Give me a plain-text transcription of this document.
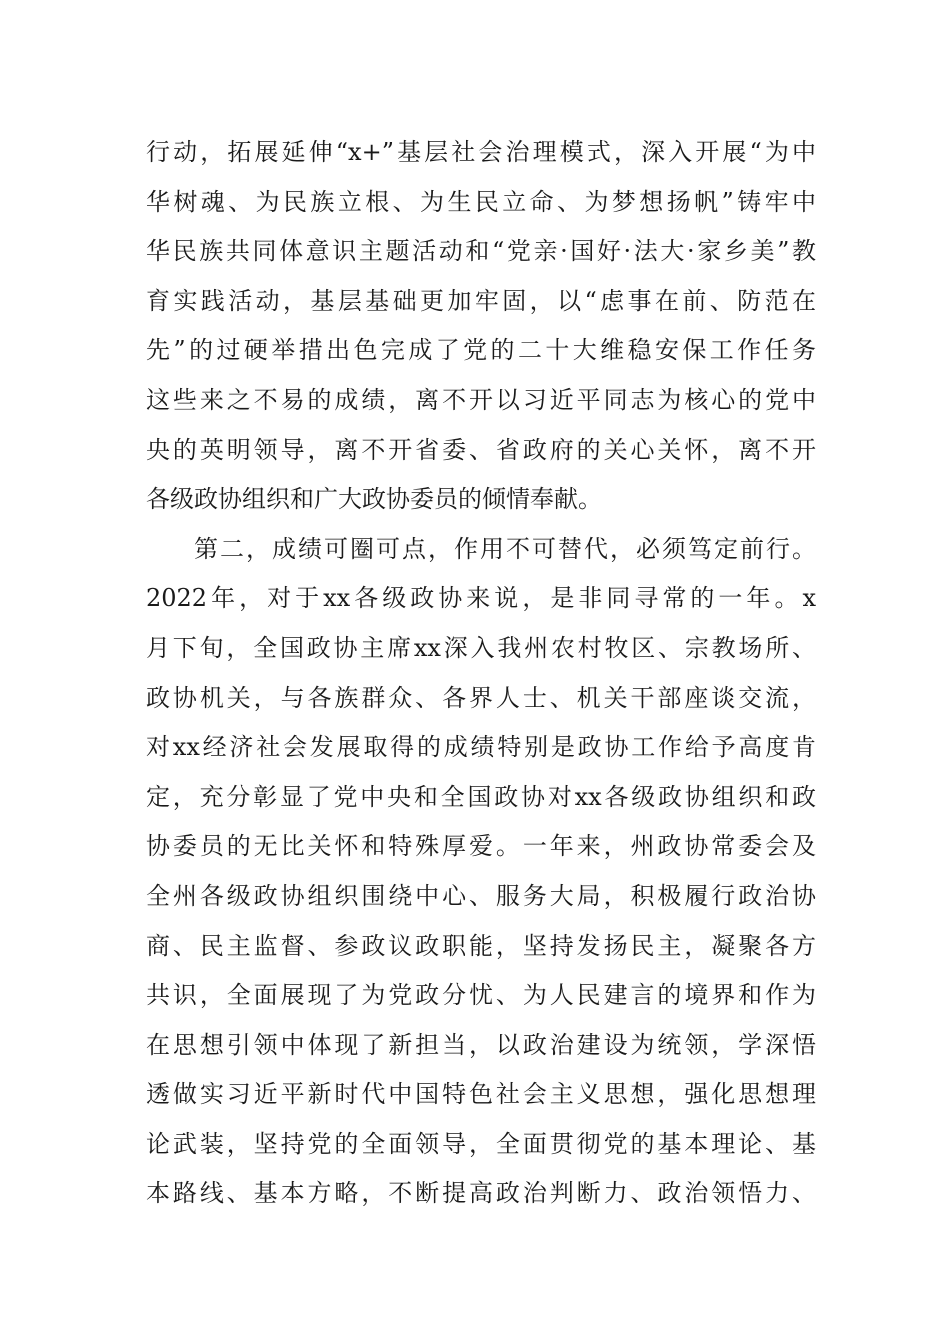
行动，拓展延伸“x+”基层社会治理模式，深入开展“为中
华树魂、为民族立根、为生民立命、为梦想扬帆”铸牢中
华民族共同体意识主题活动和“党亲·国好·法大·家乡美”教
育实践活动，基层基础更加牢固，以“虑事在前、防范在
先”的过硬举措出色完成了党的二十大维稳安保工作任务
这些来之不易的成绩，离不开以习近平同志为核心的党中
央的英明领导，离不开省委、省政府的关心关怀，离不开
各级政协组织和广大政协委员的倾情奉献。
第二，成绩可圈可点，作用不可替代，必须笃定前行。
2022年，对于xx各级政协来说，是非同寻常的一年。x
月下旬，全国政协主席xx深入我州农村牧区、宗教场所、
政协机关，与各族群众、各界人士、机关干部座谈交流，
对xx经济社会发展取得的成绩特别是政协工作给予高度肯
定，充分彰显了党中央和全国政协对xx各级政协组织和政
协委员的无比关怀和特殊厚爱。一年来，州政协常委会及
全州各级政协组织围绕中心、服务大局，积极履行政治协
商、民主监督、参政议政职能，坚持发扬民主，凝聚各方
共识，全面展现了为党政分忧、为人民建言的境界和作为
在思想引领中体现了新担当，以政治建设为统领，学深悟
透做实习近平新时代中国特色社会主义思想，强化思想理
论武装，坚持党的全面领导，全面贯彻党的基本理论、基
本路线、基本方略，不断提高政治判断力、政治领悟力、
